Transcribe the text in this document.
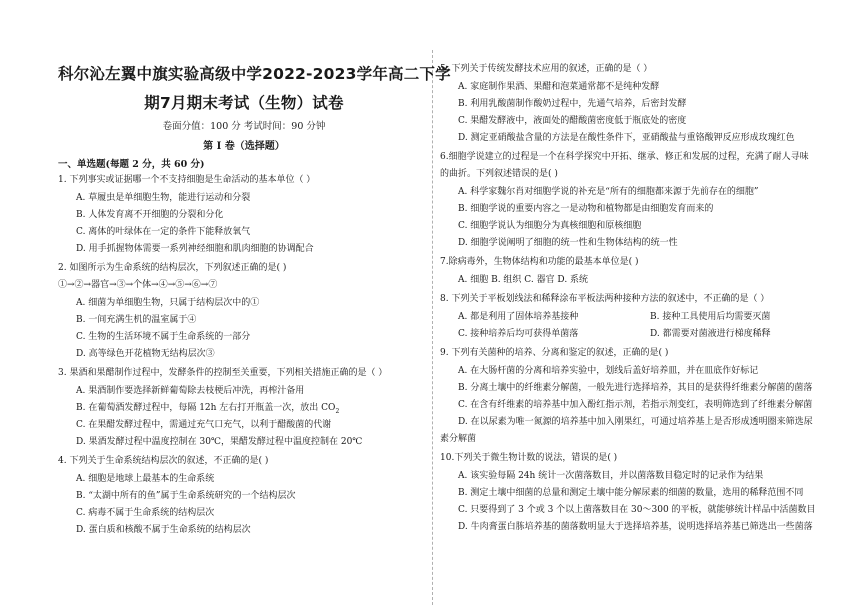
科尔沁左翼中旗实验高级中学2022-2023学年高二下学
期7月期末考试（生物）试卷
卷面分值：100 分 考试时间：90 分钟
第 I 卷（选择题）
一、单选题(每题 2 分，共 60 分)
1. 下列事实或证据哪一个不支持细胞是生命活动的基本单位（ ）
A. 草履虫是单细胞生物，能进行运动和分裂
B. 人体发育离不开细胞的分裂和分化
C. 离体的叶绿体在一定的条件下能释放氧气
D. 用手抓握物体需要一系列神经细胞和肌肉细胞的协调配合
2. 如图所示为生命系统的结构层次，下列叙述正确的是( )
①→②→器官→③→个体→④→⑤→⑥→⑦
A. 细菌为单细胞生物，只属于结构层次中的①
B. 一间充满生机的温室属于④
C. 生物的生活环境不属于生命系统的一部分
D. 高等绿色开花植物无结构层次③
3. 果酒和果醋制作过程中，发酵条件的控制至关重要，下列相关措施正确的是（ ）
A. 果酒制作要选择新鲜葡萄除去枝梗后冲洗，再榨汁备用
B. 在葡萄酒发酵过程中，每隔 12h 左右打开瓶盖一次，放出 $CO_2$
C. 在果醋发酵过程中，需通过充气口充气，以利于醋酸菌的代谢
D. 果酒发酵过程中温度控制在 30℃，果醋发酵过程中温度控制在 20℃
4. 下列关于生命系统结构层次的叙述，不正确的是( )
A. 细胞是地球上最基本的生命系统
B. “太湖中所有的鱼”属于生命系统研究的一个结构层次
C. 病毒不属于生命系统的结构层次
D. 蛋白质和核酸不属于生命系统的结构层次
5. 下列关于传统发酵技术应用的叙述，正确的是（ ）
A. 家庭制作果酒、果醋和泡菜通常都不是纯种发酵
B. 利用乳酸菌制作酸奶过程中，先通气培养，后密封发酵
C. 果醋发酵液中，液面处的醋酸菌密度低于瓶底处的密度
D. 测定亚硝酸盐含量的方法是在酸性条件下，亚硝酸盐与重铬酸钾反应形成玫瑰红色
6.细胞学说建立的过程是一个在科学探究中开拓、继承、修正和发展的过程，充满了耐人寻味
的曲折。下列叙述错误的是( )
A. 科学家魏尔肖对细胞学说的补充是“所有的细胞都来源于先前存在的细胞”
B. 细胞学说的重要内容之一是动物和植物都是由细胞发育而来的
C. 细胞学说认为细胞分为真核细胞和原核细胞
D. 细胞学说阐明了细胞的统一性和生物体结构的统一性
7.除病毒外，生物体结构和功能的最基本单位是( )
A. 细胞 B. 组织 C. 器官 D. 系统
8. 下列关于平板划线法和稀释涂布平板法两种接种方法的叙述中，不正确的是（ ）
A. 都是利用了固体培养基接种	B. 接种工具使用后均需要灭菌
C. 接种培养后均可获得单菌落	D. 都需要对菌液进行梯度稀释
9. 下列有关菌种的培养、分离和鉴定的叙述，正确的是( )
A. 在大肠杆菌的分离和培养实验中，划线后盖好培养皿，并在皿底作好标记
B. 分离土壤中的纤维素分解菌，一般先进行选择培养，其目的是获得纤维素分解菌的菌落
C. 在含有纤维素的培养基中加入酚红指示剂，若指示剂变红，表明筛选到了纤维素分解菌
D. 在以尿素为唯一氮源的培养基中加入刚果红，可通过培养基上是否形成透明圈来筛选尿
素分解菌
10.下列关于微生物计数的说法，错误的是( )
A. 该实验每隔 24h 统计一次菌落数目，并以菌落数目稳定时的记录作为结果
B. 测定土壤中细菌的总量和测定土壤中能分解尿素的细菌的数量，选用的稀释范围不同
C. 只要得到了 3 个或 3 个以上菌落数目在 30～300 的平板，就能够统计样品中活菌数目
D. 牛肉膏蛋白胨培养基的菌落数明显大于选择培养基，说明选择培养基已筛选出一些菌落
